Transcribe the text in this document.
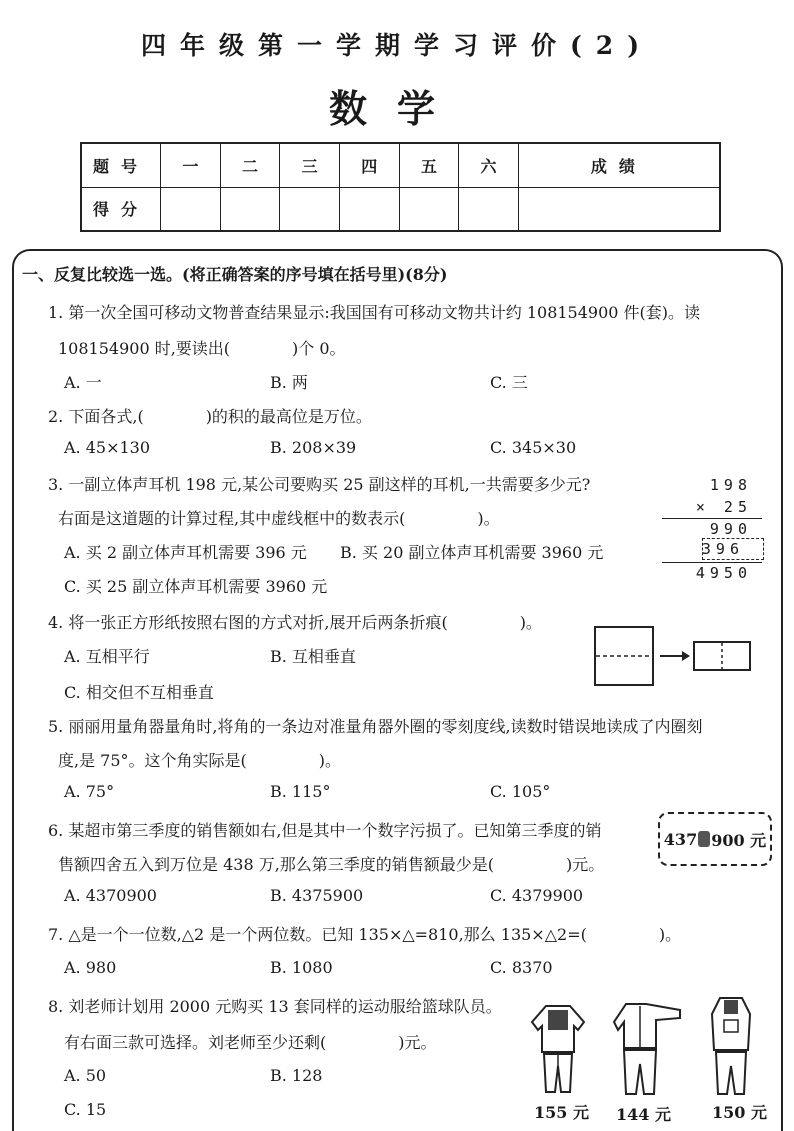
四年级第一学期学习评价(2)
数学
题号	一	二	三	四	五	六	成绩
得分							
一、反复比较选一选。(将正确答案的序号填在括号里)(8分)
1. 第一次全国可移动文物普查结果显示:我国国有可移动文物共计约 108154900 件(套)。读
108154900 时,要读出(	)个 0。
A. 一	B. 两	C. 三
2. 下面各式,(	)的积的最高位是万位。
A. 45×130	B. 208×39	C. 345×30
3. 一副立体声耳机 198 元,某公司要购买 25 副这样的耳机,一共需要多少元?
右面是这道题的计算过程,其中虚线框中的数表示(	)。
A. 买 2 副立体声耳机需要 396 元 B. 买 20 副立体声耳机需要 3960 元
C. 买 25 副立体声耳机需要 3960 元
198
× 25
990
396
4950
4. 将一张正方形纸按照右图的方式对折,展开后两条折痕(	)。
A. 互相平行	B. 互相垂直
C. 相交但不互相垂直
5. 丽丽用量角器量角时,将角的一条边对准量角器外圈的零刻度线,读数时错误地读成了内圈刻
度,是 75°。这个角实际是(	)。
A. 75°	B. 115°	C. 105°
6. 某超市第三季度的销售额如右,但是其中一个数字污损了。已知第三季度的销
售额四舍五入到万位是 438 万,那么第三季度的销售额最少是(	)元。
437 900 元
A. 4370900	B. 4375900	C. 4379900
7. △是一个一位数,△2 是一个两位数。已知 135×△=810,那么 135×△2=(	)。
A. 980	B. 1080	C. 8370
8. 刘老师计划用 2000 元购买 13 套同样的运动服给篮球队员。
有右面三款可选择。刘老师至少还剩(	)元。
A. 50	B. 128
C. 15	155 元 144 元	150 元
